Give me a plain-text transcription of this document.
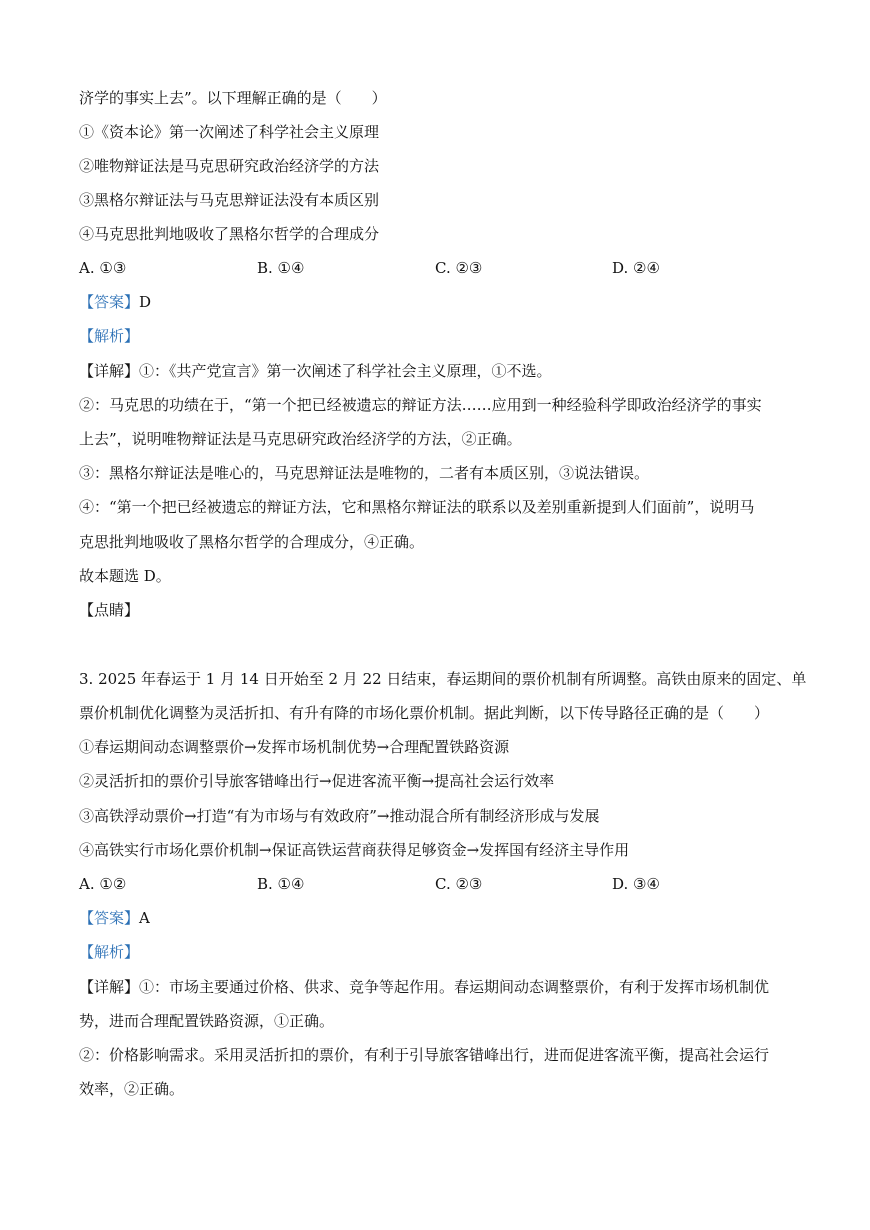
济学的事实上去”。以下理解正确的是（　　）
①《资本论》第一次阐述了科学社会主义原理
②唯物辩证法是马克思研究政治经济学的方法
③黑格尔辩证法与马克思辩证法没有本质区别
④马克思批判地吸收了黑格尔哲学的合理成分
A. ①③	B. ①④	C. ②③	D. ②④
【答案】D
【解析】
【详解】①：《共产党宣言》第一次阐述了科学社会主义原理，①不选。
②：马克思的功绩在于，“第一个把已经被遗忘的辩证方法……应用到一种经验科学即政治经济学的事实
上去”，说明唯物辩证法是马克思研究政治经济学的方法，②正确。
③：黑格尔辩证法是唯心的，马克思辩证法是唯物的，二者有本质区别，③说法错误。
④：“第一个把已经被遗忘的辩证方法，它和黑格尔辩证法的联系以及差别重新提到人们面前”，说明马
克思批判地吸收了黑格尔哲学的合理成分，④正确。
故本题选 D。
【点睛】
3. 2025 年春运于 1 月 14 日开始至 2 月 22 日结束，春运期间的票价机制有所调整。高铁由原来的固定、单
票价机制优化调整为灵活折扣、有升有降的市场化票价机制。据此判断，以下传导路径正确的是（　　）
①春运期间动态调整票价→发挥市场机制优势→合理配置铁路资源
②灵活折扣的票价引导旅客错峰出行→促进客流平衡→提高社会运行效率
③高铁浮动票价→打造“有为市场与有效政府”→推动混合所有制经济形成与发展
④高铁实行市场化票价机制→保证高铁运营商获得足够资金→发挥国有经济主导作用
A. ①②	B. ①④	C. ②③	D. ③④
【答案】A
【解析】
【详解】①：市场主要通过价格、供求、竞争等起作用。春运期间动态调整票价，有利于发挥市场机制优
势，进而合理配置铁路资源，①正确。
②：价格影响需求。采用灵活折扣的票价，有利于引导旅客错峰出行，进而促进客流平衡，提高社会运行
效率，②正确。
